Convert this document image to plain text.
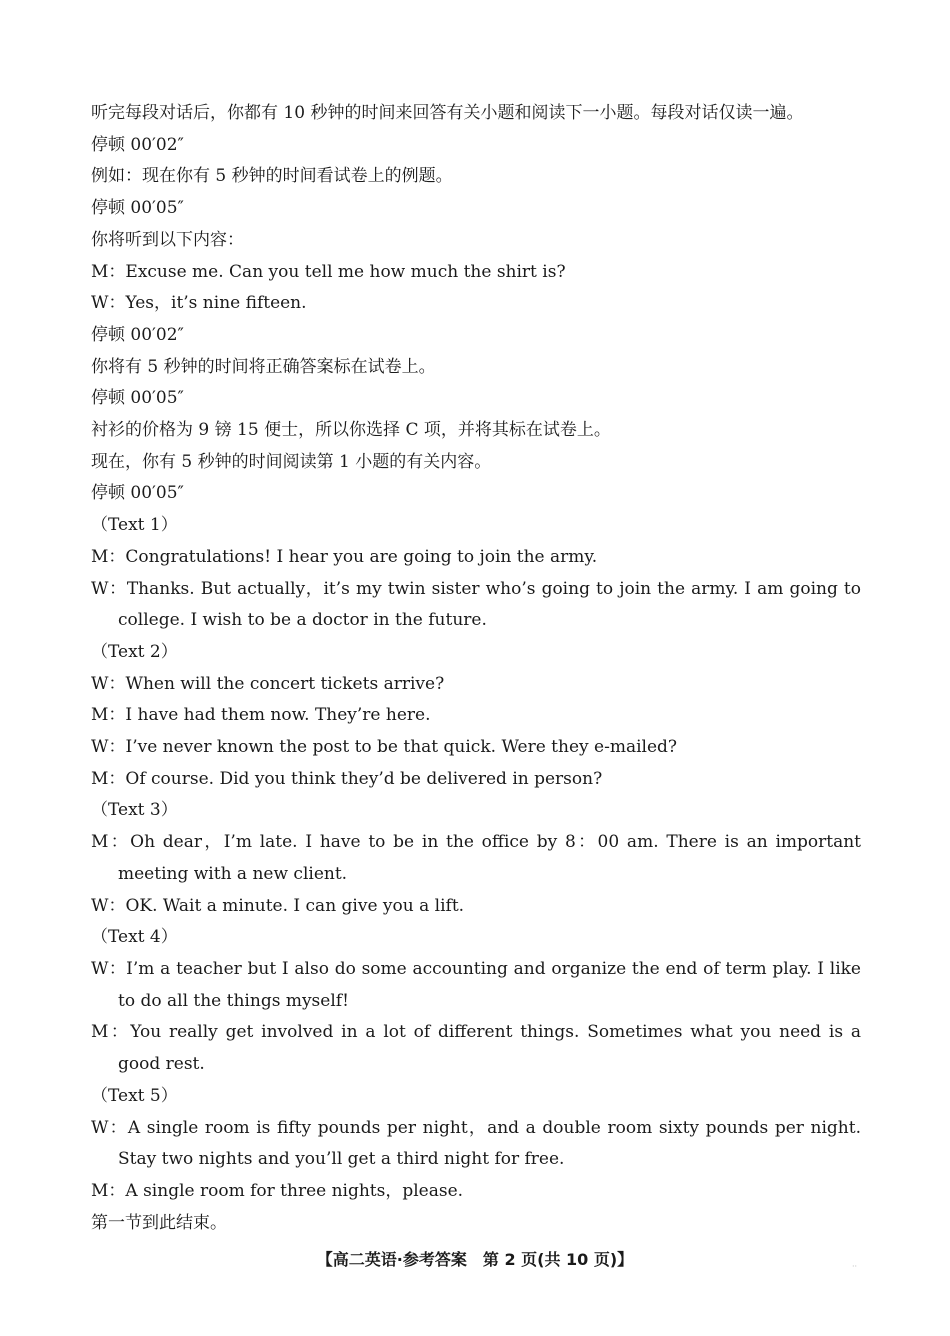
听完每段对话后，你都有 10 秒钟的时间来回答有关小题和阅读下一小题。每段对话仅读一遍。
停顿 00′02″
例如：现在你有 5 秒钟的时间看试卷上的例题。
停顿 00′05″
你将听到以下内容：
M：Excuse me. Can you tell me how much the shirt is?
W：Yes，it’s nine fifteen.
停顿 00′02″
你将有 5 秒钟的时间将正确答案标在试卷上。
停顿 00′05″
衬衫的价格为 9 镑 15 便士，所以你选择 C 项，并将其标在试卷上。
现在，你有 5 秒钟的时间阅读第 1 小题的有关内容。
停顿 00′05″
（Text 1）
M：Congratulations! I hear you are going to join the army.
W：Thanks. But actually，it’s my twin sister who’s going to join the army. I am going to college. I wish to be a doctor in the future.
（Text 2）
W：When will the concert tickets arrive?
M：I have had them now. They’re here.
W：I’ve never known the post to be that quick. Were they e-mailed?
M：Of course. Did you think they’d be delivered in person?
（Text 3）
M：Oh dear，I’m late. I have to be in the office by 8：00 am. There is an important meeting with a new client.
W：OK. Wait a minute. I can give you a lift.
（Text 4）
W：I’m a teacher but I also do some accounting and organize the end of term play. I like to do all the things myself!
M：You really get involved in a lot of different things. Sometimes what you need is a good rest.
（Text 5）
W：A single room is fifty pounds per night，and a double room sixty pounds per night. Stay two nights and you’ll get a third night for free.
M：A single room for three nights，please.
第一节到此结束。
【高二英语·参考答案　第 2 页(共 10 页)】	··
